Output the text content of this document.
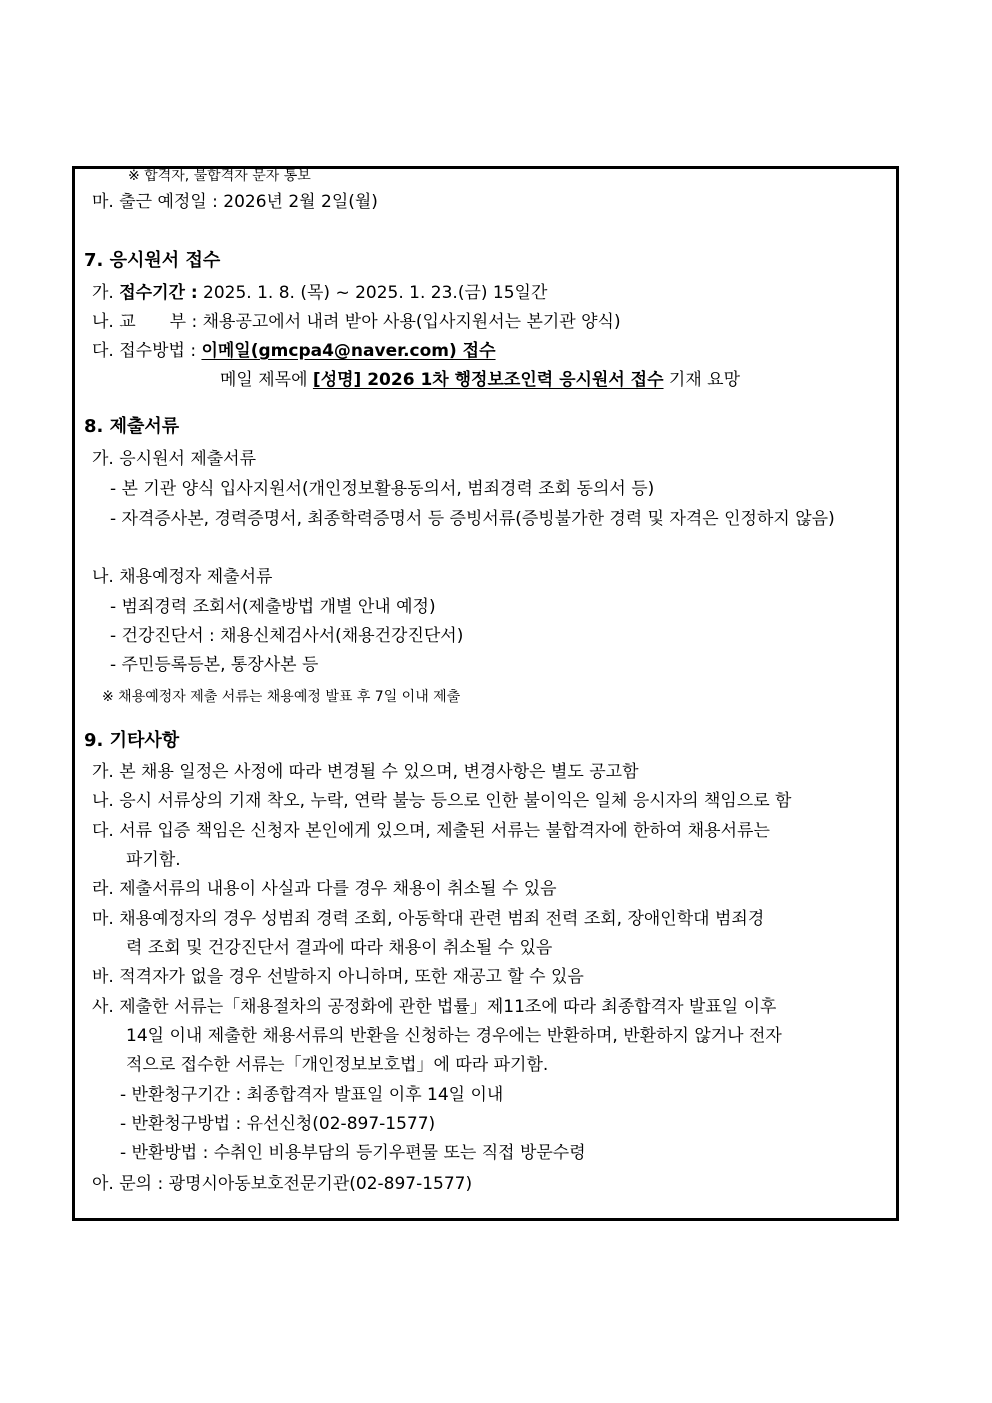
※ 합격자, 불합격자 문자 통보
마. 출근 예정일 : 2026년 2월 2일(월)
7. 응시원서 접수
가. 접수기간 : 2025. 1. 8. (목) ~ 2025. 1. 23.(금) 15일간
나. 교　　부 : 채용공고에서 내려 받아 사용(입사지원서는 본기관 양식)
다. 접수방법 : 이메일(gmcpa4@naver.com) 접수
메일 제목에 [성명] 2026 1차 행정보조인력 응시원서 접수 기재 요망
8. 제출서류
가. 응시원서 제출서류
- 본 기관 양식 입사지원서(개인정보활용동의서, 범죄경력 조회 동의서 등)
- 자격증사본, 경력증명서, 최종학력증명서 등 증빙서류(증빙불가한 경력 및 자격은 인정하지 않음)
나. 채용예정자 제출서류
- 범죄경력 조회서(제출방법 개별 안내 예정)
- 건강진단서 : 채용신체검사서(채용건강진단서)
- 주민등록등본, 통장사본 등
※ 채용예정자 제출 서류는 채용예정 발표 후 7일 이내 제출
9. 기타사항
가. 본 채용 일정은 사정에 따라 변경될 수 있으며, 변경사항은 별도 공고함
나. 응시 서류상의 기재 착오, 누락, 연락 불능 등으로 인한 불이익은 일체 응시자의 책임으로 함
다. 서류 입증 책임은 신청자 본인에게 있으며, 제출된 서류는 불합격자에 한하여 채용서류는
파기함.
라. 제출서류의 내용이 사실과 다를 경우 채용이 취소될 수 있음
마. 채용예정자의 경우 성범죄 경력 조회, 아동학대 관련 범죄 전력 조회, 장애인학대 범죄경
력 조회 및 건강진단서 결과에 따라 채용이 취소될 수 있음
바. 적격자가 없을 경우 선발하지 아니하며, 또한 재공고 할 수 있음
사. 제출한 서류는「채용절차의 공정화에 관한 법률」제11조에 따라 최종합격자 발표일 이후
14일 이내 제출한 채용서류의 반환을 신청하는 경우에는 반환하며, 반환하지 않거나 전자
적으로 접수한 서류는「개인정보보호법」에 따라 파기함.
- 반환청구기간 : 최종합격자 발표일 이후 14일 이내
- 반환청구방법 : 유선신청(02-897-1577)
- 반환방법 : 수취인 비용부담의 등기우편물 또는 직접 방문수령
아. 문의 : 광명시아동보호전문기관(02-897-1577)
